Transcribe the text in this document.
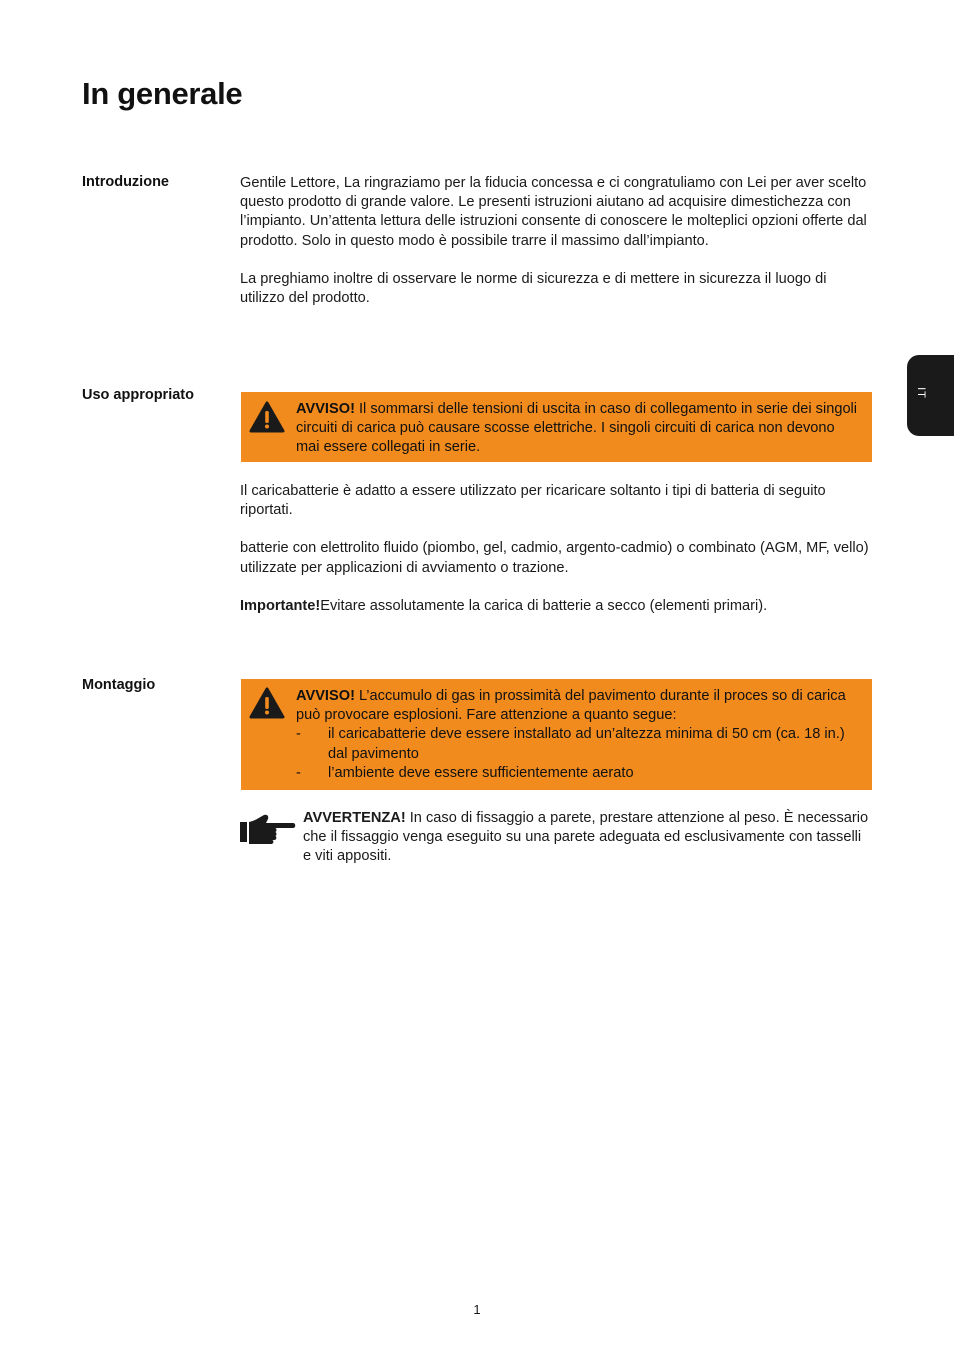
In generale
IT
Introduzione	Gentile Lettore, La ringraziamo per la fiducia concessa e ci congratuliamo con Lei per aver scelto questo prodotto di grande valore. Le presenti istruzioni aiutano ad acquisire dimestichezza con l’impianto. Un’attenta lettura delle istruzioni consente di conoscere le molteplici opzioni offerte dal prodotto. Solo in questo modo è possibile trarre il massimo dall’impianto.

La preghiamo inoltre di osservare le norme di sicurezza e di mettere in sicurezza il luogo di utilizzo del prodotto.

Uso appropriato
AVVISO! Il sommarsi delle tensioni di uscita in caso di collegamento in serie dei singoli circuiti di carica può causare scosse elettriche. I singoli circuiti di carica non devono mai essere collegati in serie.

Il caricabatterie è adatto a essere utilizzato per ricaricare soltanto i tipi di batteria di seguito riportati.

batterie con elettrolito fluido (piombo, gel, cadmio, argento-cadmio) o combinato (AGM, MF, vello) utilizzate per applicazioni di avviamento o trazione.

Importante!Evitare assolutamente la carica di batterie a secco (elementi primari).

Montaggio
AVVISO! L’accumulo di gas in prossimità del pavimento durante il proces so di carica può provocare esplosioni. Fare attenzione a quanto segue:
- il caricabatterie deve essere installato ad un’altezza minima di 50 cm (ca. 18 in.) dal pavimento
- l’ambiente deve essere sufficientemente aerato
AVVERTENZA! In caso di fissaggio a parete, prestare attenzione al peso. È necessario che il fissaggio venga eseguito su una parete adeguata ed esclusivamente con tasselli e viti appositi.
1
